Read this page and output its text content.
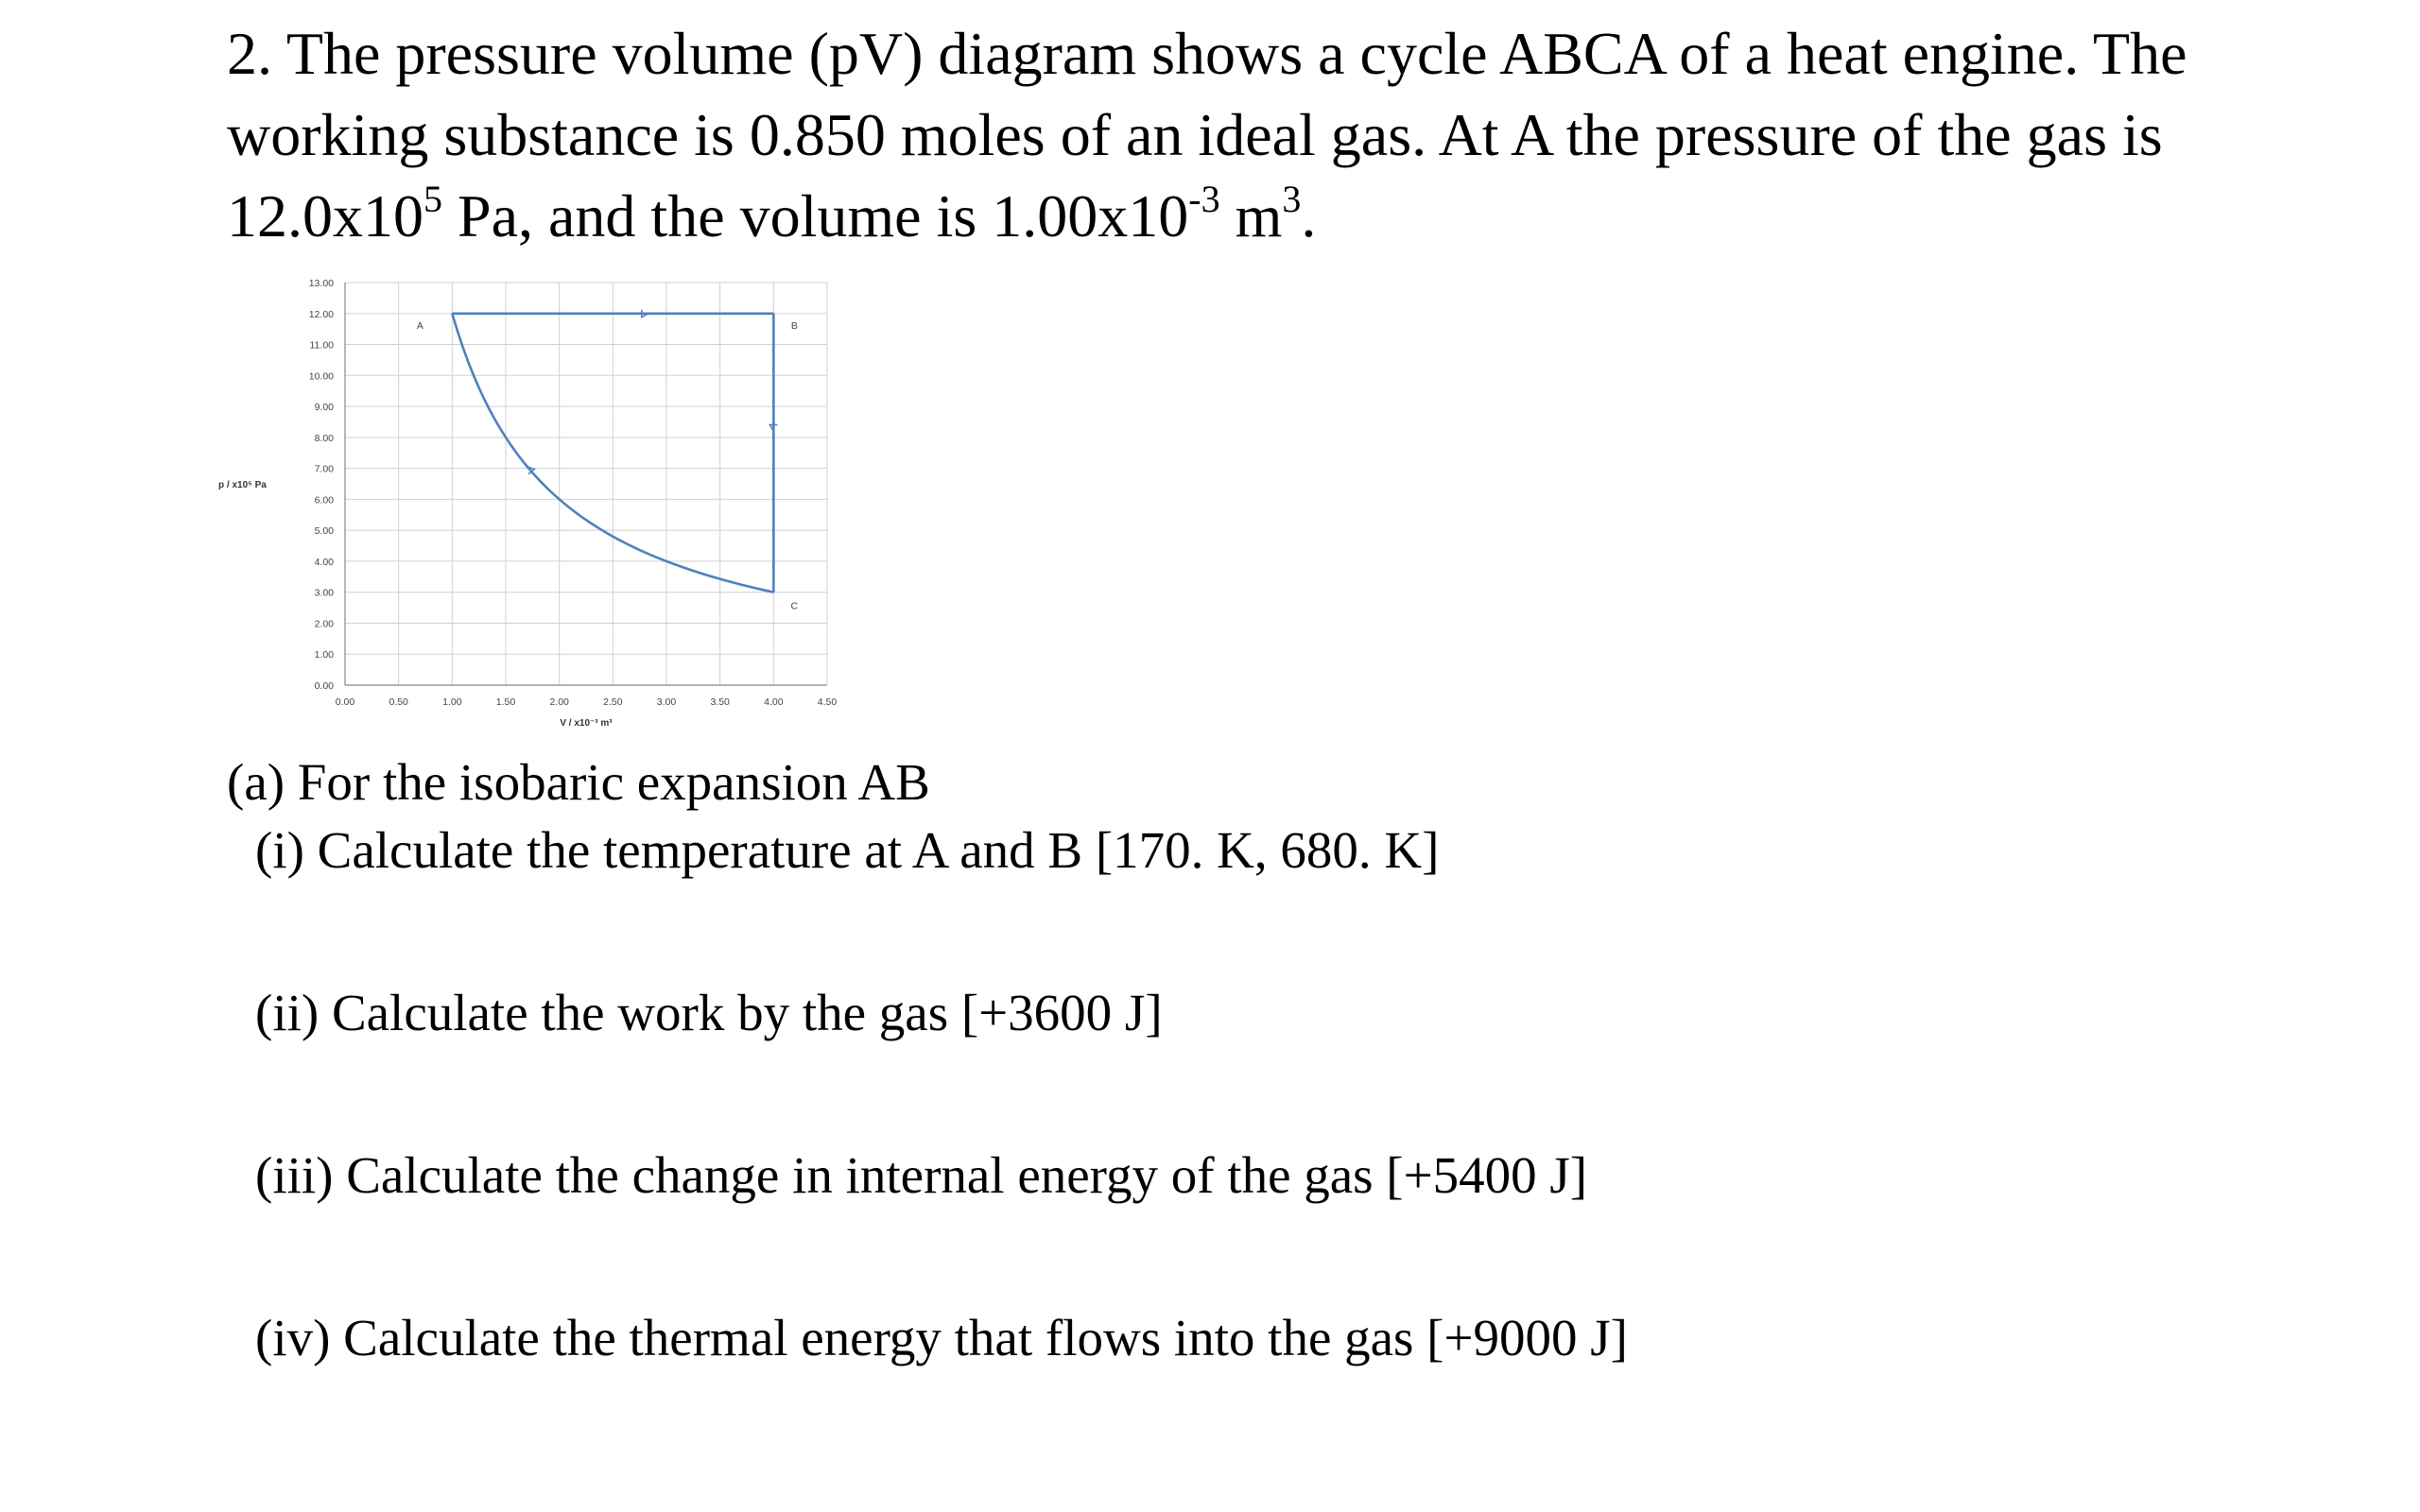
2. The pressure volume (pV) diagram shows a cycle ABCA of a heat engine. The working substance is 0.850 moles of an ideal gas. At A the pressure of the gas is $12.0x10^5$ Pa, and the volume is $1.00x10^{-3}$ $m^3$.

0.00
1.00
2.00
3.00
4.00
5.00
6.00
7.00
8.00
9.00
10.00
11.00
12.00
13.00
0.00	0.50	1.00	1.50	2.00	2.50	3.00	3.50	4.00	4.50
A	B
C
p / x10⁵ Pa
V / x10⁻³ m³
(a) For the isobaric expansion AB
(i) Calculate the temperature at A and B [170. K, 680. K]
(ii) Calculate the work by the gas [+3600 J]
(iii) Calculate the change in internal energy of the gas [+5400 J]
(iv) Calculate the thermal energy that flows into the gas [+9000 J]
